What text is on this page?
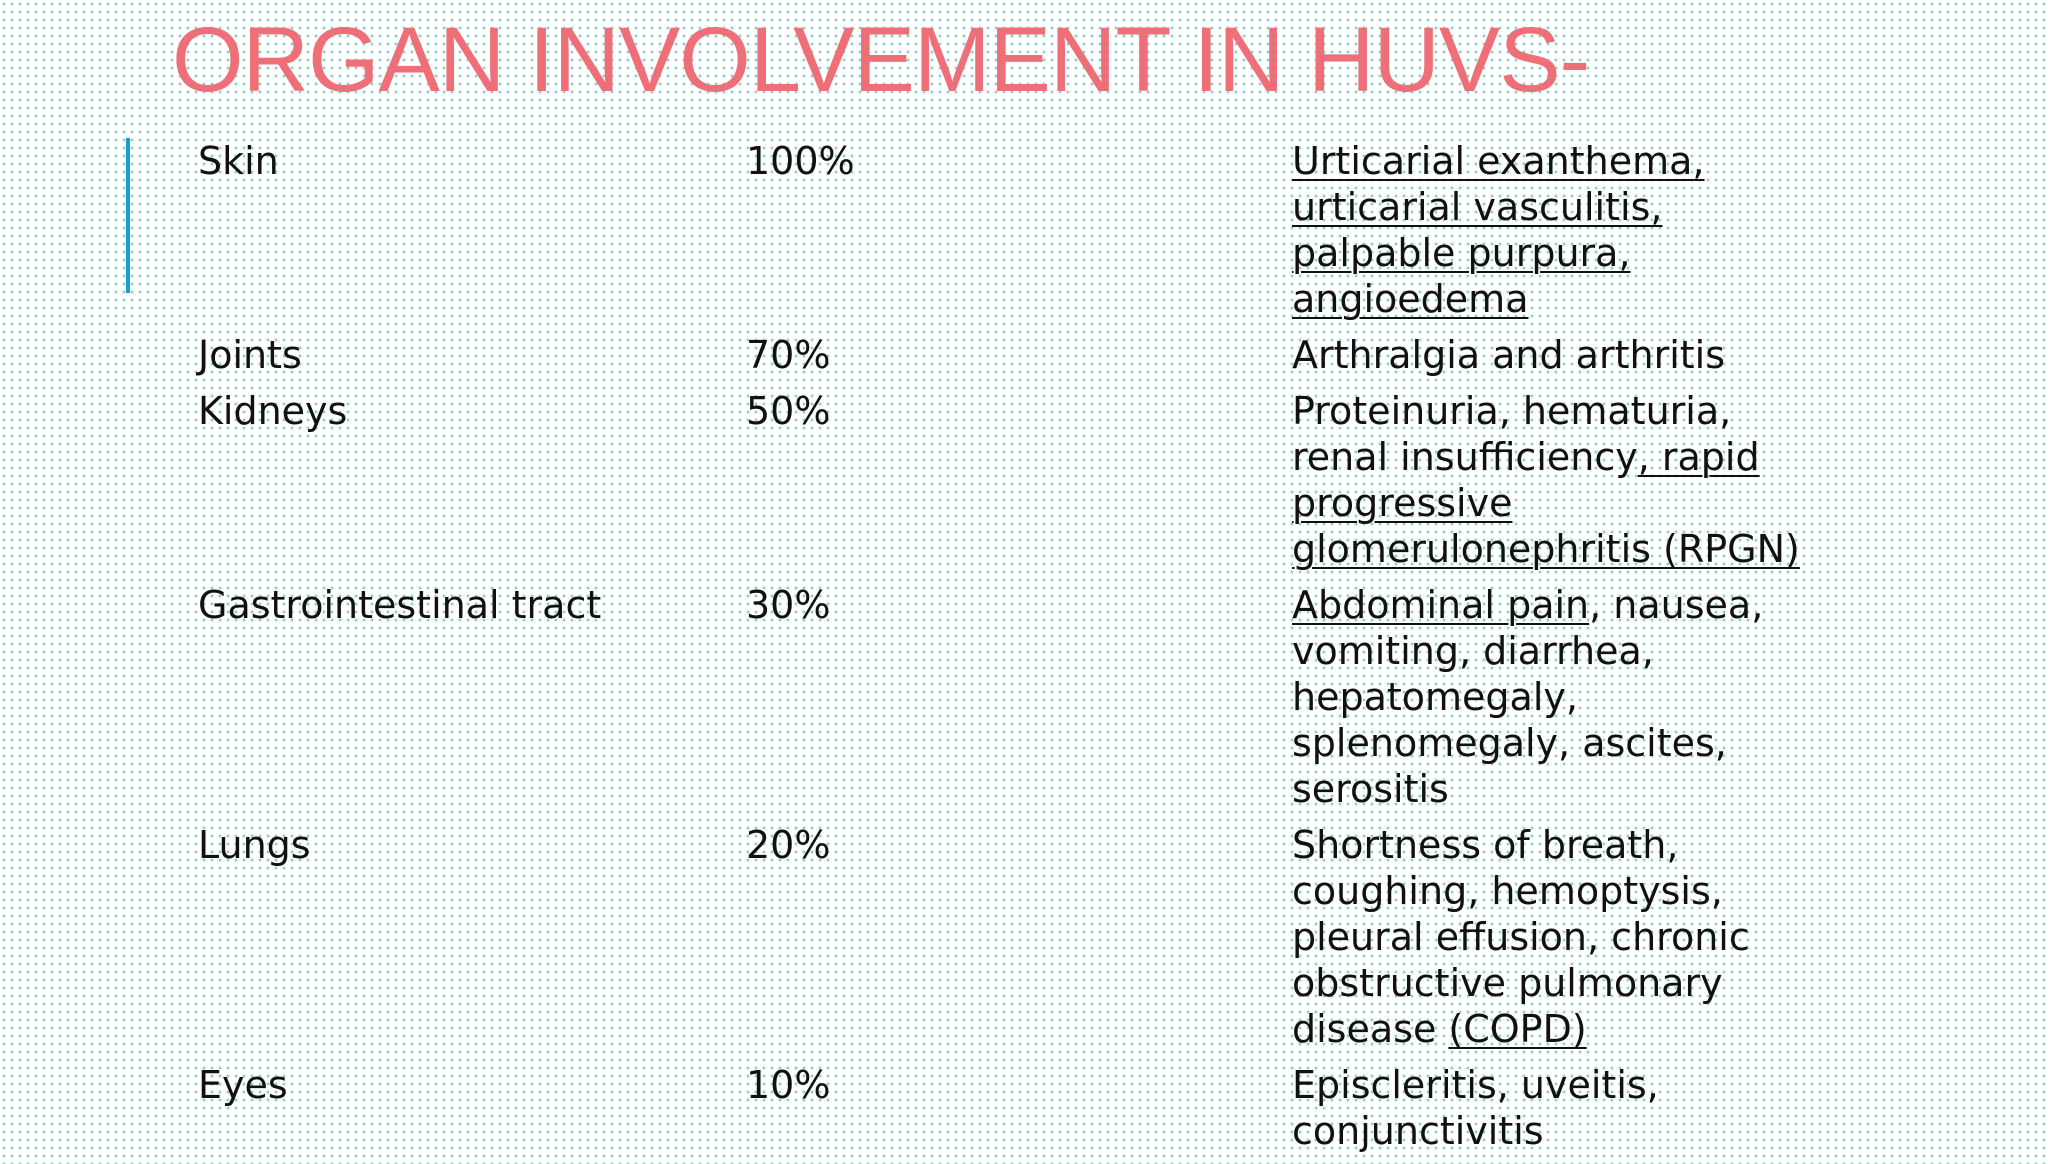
ORGAN INVOLVEMENT IN HUVS-
Skin	100%	Urticarial exanthema, urticarial vasculitis, palpable purpura, angioedema
Joints	70%	Arthralgia and arthritis
Kidneys	50%	Proteinuria, hematuria, renal insufficiency, rapid progressive glomerulonephritis (RPGN)
Gastrointestinal tract	30%	Abdominal pain, nausea, vomiting, diarrhea, hepatomegaly, splenomegaly, ascites, serositis
Lungs	20%	Shortness of breath, coughing, hemoptysis, pleural effusion, chronic obstructive pulmonary disease (COPD)
Eyes	10%	Episcleritis, uveitis, conjunctivitis
